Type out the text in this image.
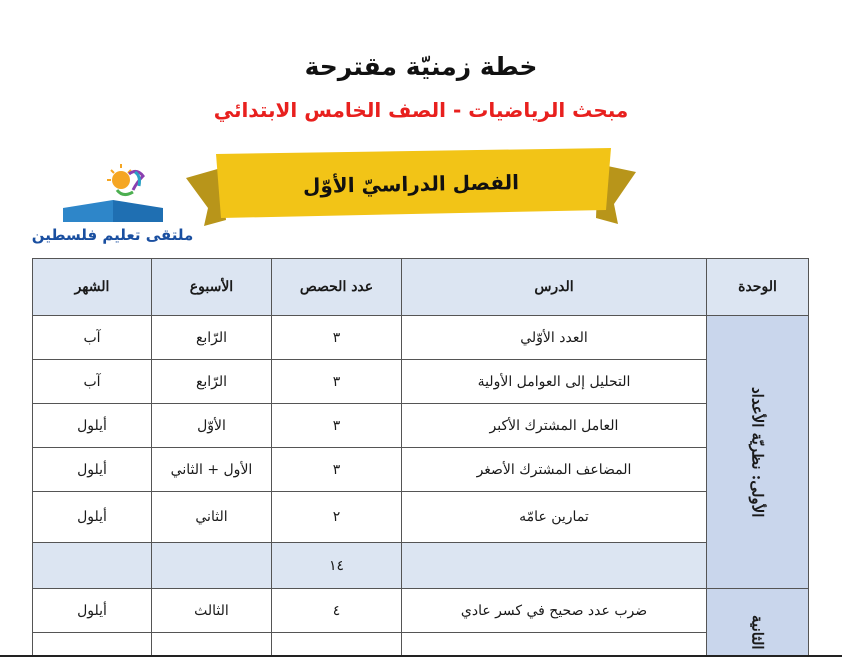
خطة زمنيّة مقترحة
مبحث الرياضيات - الصف الخامس الابتدائي
الفصل الدراسيّ الأوّل
ملتقى تعليم فلسطين
الوحدة	الدرس	عدد الحصص	الأسبوع	الشهر

الأولى: نظريّة الأعداد	العدد الأوّلي	٣	الرّابع	آب
	التحليل إلى العوامل الأولية	٣	الرّابع	آب
	العامل المشترك الأكبر	٣	الأوّل	أيلول
	المضاعف المشترك الأصغر	٣	الأول + الثاني	أيلول
	تمارين عامّه	٢	الثاني	أيلول
		١٤		

الثانية	ضرب عدد صحيح في كسر عادي	٤	الثالث	أيلول
